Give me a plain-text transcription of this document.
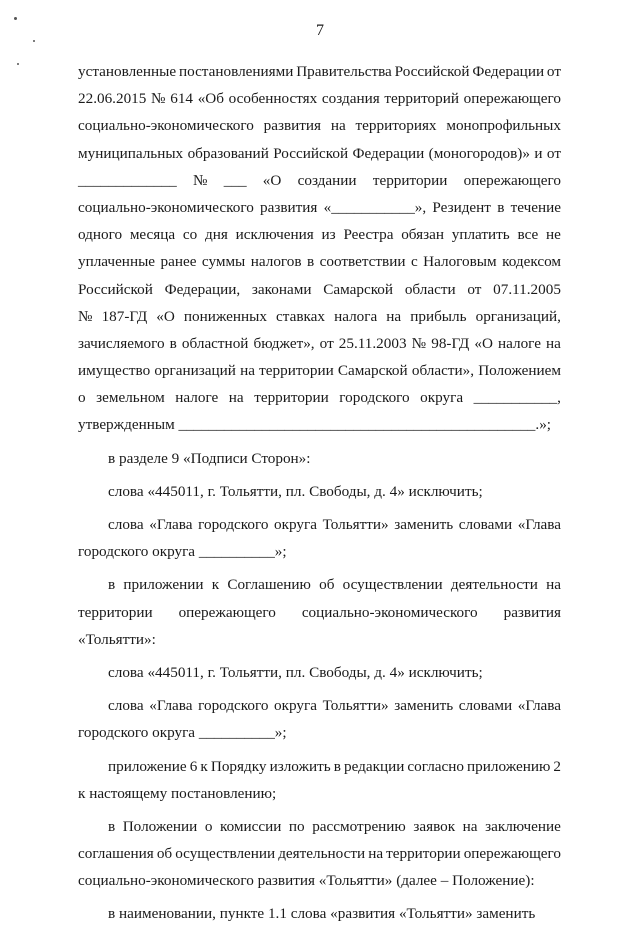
7
установленные постановлениями Правительства Российской Федерации от
22.06.2015 № 614 «Об особенностях создания территорий опережающего
социально-экономического развития на территориях монопрофильных
муниципальных образований Российской Федерации (моногородов)» и от
_____________ № ___ «О создании территории опережающего
социально-экономического развития «___________», Резидент в течение
одного месяца со дня исключения из Реестра обязан уплатить все не
уплаченные ранее суммы налогов в соответствии с Налоговым кодексом
Российской Федерации, законами Самарской области от 07.11.2005
№ 187-ГД «О пониженных ставках налога на прибыль организаций,
зачисляемого в областной бюджет», от 25.11.2003 № 98-ГД «О налоге на
имущество организаций на территории Самарской области», Положением
о земельном налоге на территории городского округа ___________,
утвержденным
_______________________________________________.»;
в
разделе
9
«Подписи
Сторон»:
слова
«445011,
г.
Тольятти,
пл.
Свободы,
д.
4»
исключить;
слова «Глава городского округа Тольятти» заменить словами «Глава
городского
округа
__________»;
в приложении к Соглашению об осуществлении деятельности на
территории опережающего социально-экономического развития
«Тольятти»:
слова
«445011,
г.
Тольятти,
пл.
Свободы,
д.
4»
исключить;
слова «Глава городского округа Тольятти» заменить словами «Глава
городского
округа
__________»;
приложение 6 к Порядку изложить в редакции согласно приложению 2
к
настоящему
постановлению;
в Положении о комиссии по рассмотрению заявок на заключение
соглашения об осуществлении деятельности на территории опережающего
социально-экономического
развития
«Тольятти»
(далее
–
Положение):
в
наименовании,
пункте
1.1
слова
«развития
«Тольятти»
заменить
